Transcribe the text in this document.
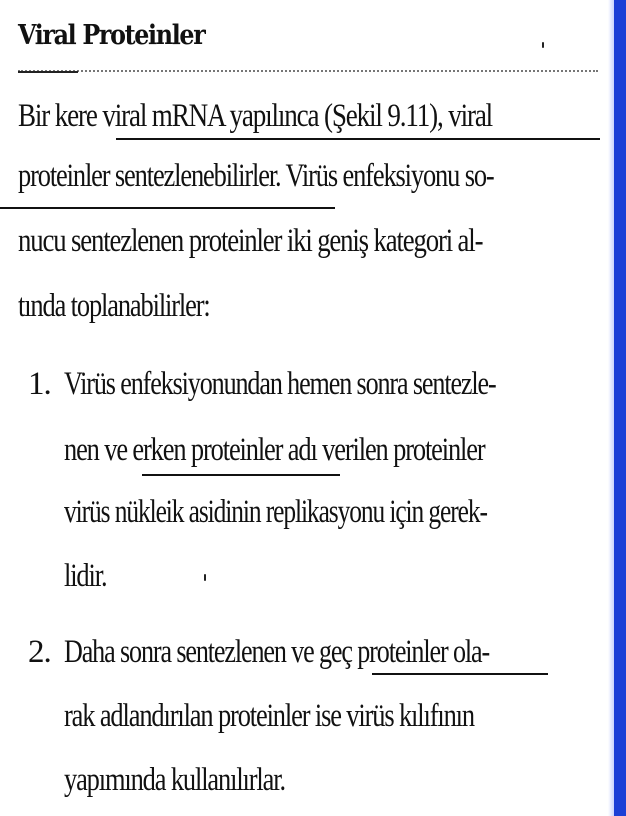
Viral Proteinler
Bir kere viral mRNA yapılınca (Şekil 9.11), viral
proteinler sentezlenebilirler. Virüs enfeksiyonu so-
nucu sentezlenen proteinler iki geniş kategori al-
tında toplanabilirler:
1. Virüs enfeksiyonundan hemen sonra sentezle-
nen ve erken proteinler adı verilen proteinler
virüs nükleik asidinin replikasyonu için gerek-
lidir.
2. Daha sonra sentezlenen ve geç proteinler ola-
rak adlandırılan proteinler ise virüs kılıfının
yapımında kullanılırlar.
